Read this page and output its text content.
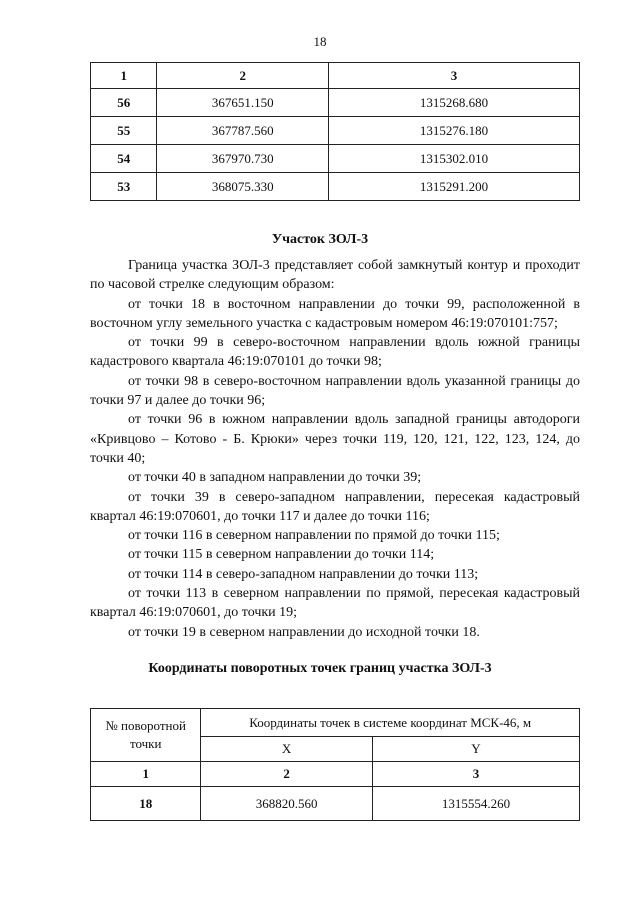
18
1	2	3
56	367651.150	1315268.680
55	367787.560	1315276.180
54	367970.730	1315302.010
53	368075.330	1315291.200
Участок ЗОЛ-3

Граница участка ЗОЛ-3 представляет собой замкнутый контур и проходит по часовой стрелке следующим образом:

от точки 18 в восточном направлении до точки 99, расположенной в восточном углу земельного участка с кадастровым номером 46:19:070101:757;

от точки 99 в северо-восточном направлении вдоль южной границы кадастрового квартала 46:19:070101 до точки 98;

от точки 98 в северо-восточном направлении вдоль указанной границы до точки 97 и далее до точки 96;

от точки 96 в южном направлении вдоль западной границы автодороги «Кривцово – Котово - Б. Крюки» через точки 119, 120, 121, 122, 123, 124, до точки 40;

от точки 40 в западном направлении до точки 39;

от точки 39 в северо-западном направлении, пересекая кадастровый квартал 46:19:070601, до точки 117 и далее до точки 116;

от точки 116 в северном направлении по прямой до точки 115;

от точки 115 в северном направлении до точки 114;

от точки 114 в северо-западном направлении до точки 113;

от точки 113 в северном направлении по прямой, пересекая кадастровый квартал 46:19:070601, до точки 19;

от точки 19 в северном направлении до исходной точки 18.

Координаты поворотных точек границ участка ЗОЛ-3
№ поворотной точки	Координаты точек в системе координат МСК-46, м	
	X	Y
1	2	3
18	368820.560	1315554.260
